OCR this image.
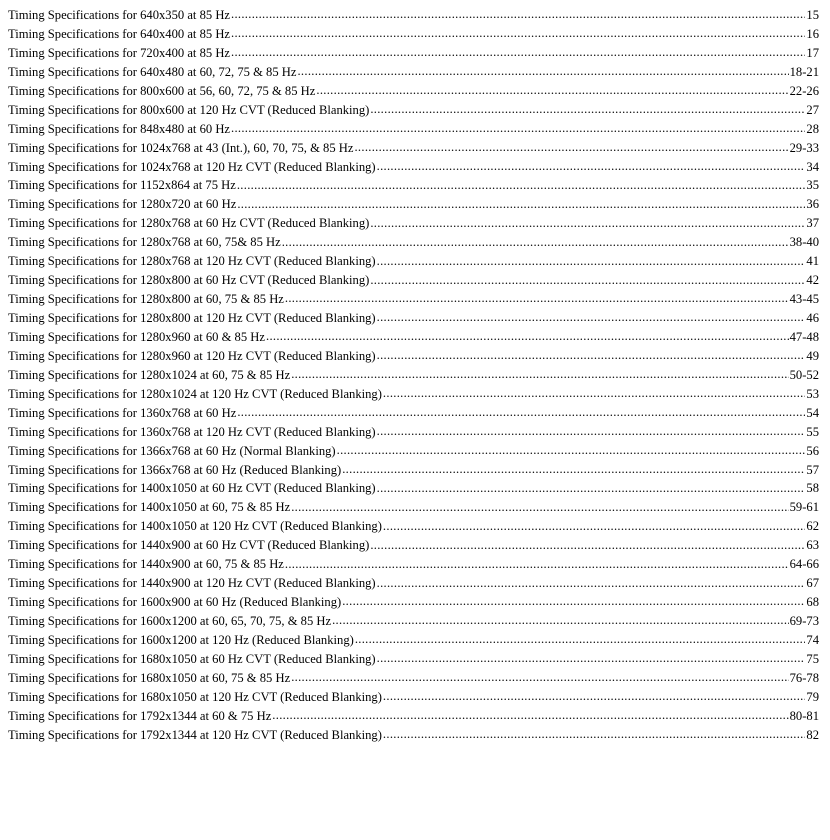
Timing Specifications for 640x350 at 85 Hz .....	15
Timing Specifications for 640x400 at 85 Hz .....	16
Timing Specifications for 720x400 at 85 Hz .....	17
Timing Specifications for 640x480 at 60, 72, 75 & 85 Hz .....	18-21
Timing Specifications for 800x600 at 56, 60, 72, 75 & 85 Hz .....	22-26
Timing Specifications for 800x600 at 120 Hz CVT (Reduced Blanking) .....	27
Timing Specifications for 848x480 at 60 Hz .....	28
Timing Specifications for 1024x768 at 43 (Int.), 60, 70, 75, & 85 Hz .....	29-33
Timing Specifications for 1024x768 at 120 Hz CVT (Reduced Blanking) .....	34
Timing Specifications for 1152x864 at 75 Hz .....	35
Timing Specifications for 1280x720 at 60 Hz .....	36
Timing Specifications for 1280x768 at 60 Hz CVT (Reduced Blanking) .....	37
Timing Specifications for 1280x768 at 60, 75& 85 Hz .....	38-40
Timing Specifications for 1280x768 at 120 Hz CVT (Reduced Blanking) .....	41
Timing Specifications for 1280x800 at 60 Hz CVT (Reduced Blanking) .....	42
Timing Specifications for 1280x800 at 60, 75 & 85 Hz .....	43-45
Timing Specifications for 1280x800 at 120 Hz CVT (Reduced Blanking) .....	46
Timing Specifications for 1280x960 at 60 & 85 Hz .....	47-48
Timing Specifications for 1280x960 at 120 Hz CVT (Reduced Blanking) .....	49
Timing Specifications for 1280x1024 at 60, 75 & 85 Hz .....	50-52
Timing Specifications for 1280x1024 at 120 Hz CVT (Reduced Blanking) .....	53
Timing Specifications for 1360x768 at 60 Hz .....	54
Timing Specifications for 1360x768 at 120 Hz CVT (Reduced Blanking) .....	55
Timing Specifications for 1366x768 at 60 Hz (Normal Blanking) .....	56
Timing Specifications for 1366x768 at 60 Hz (Reduced Blanking) .....	57
Timing Specifications for 1400x1050 at 60 Hz CVT (Reduced Blanking) .....	58
Timing Specifications for 1400x1050 at 60, 75 & 85 Hz .....	59-61
Timing Specifications for 1400x1050 at 120 Hz CVT (Reduced Blanking) .....	62
Timing Specifications for 1440x900 at 60 Hz CVT (Reduced Blanking) .....	63
Timing Specifications for 1440x900 at 60, 75 & 85 Hz .....	64-66
Timing Specifications for 1440x900 at 120 Hz CVT (Reduced Blanking) .....	67
Timing Specifications for 1600x900 at 60 Hz (Reduced Blanking) .....	68
Timing Specifications for 1600x1200 at 60, 65, 70, 75, & 85 Hz .....	69-73
Timing Specifications for 1600x1200 at 120 Hz (Reduced Blanking) .....	74
Timing Specifications for 1680x1050 at 60 Hz CVT (Reduced Blanking) .....	75
Timing Specifications for 1680x1050 at 60, 75 & 85 Hz .....	76-78
Timing Specifications for 1680x1050 at 120 Hz CVT (Reduced Blanking) .....	79
Timing Specifications for 1792x1344 at 60 & 75 Hz .....	80-81
Timing Specifications for 1792x1344 at 120 Hz CVT (Reduced Blanking) .....	82
